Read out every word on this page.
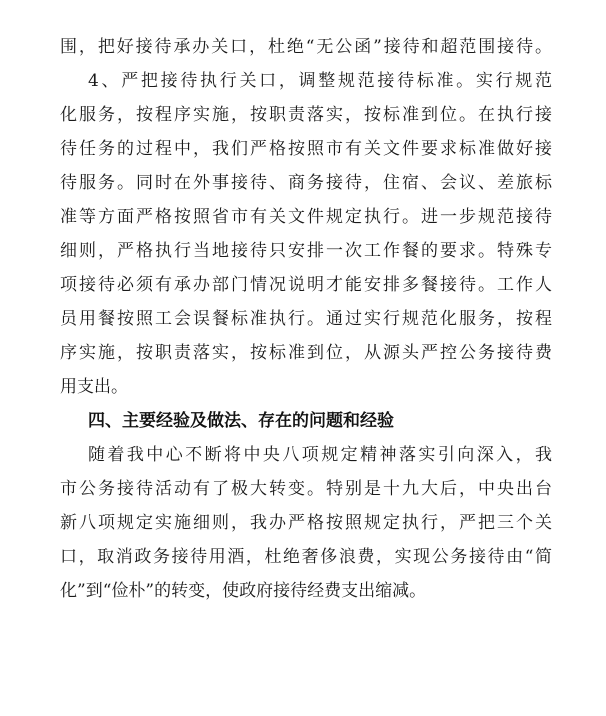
围，把好接待承办关口，杜绝“无公函”接待和超范围接待。
4、严把接待执行关口，调整规范接待标准。实行规范
化服务，按程序实施，按职责落实，按标准到位。在执行接
待任务的过程中，我们严格按照市有关文件要求标准做好接
待服务。同时在外事接待、商务接待，住宿、会议、差旅标
准等方面严格按照省市有关文件规定执行。进一步规范接待
细则，严格执行当地接待只安排一次工作餐的要求。特殊专
项接待必须有承办部门情况说明才能安排多餐接待。工作人
员用餐按照工会误餐标准执行。通过实行规范化服务，按程
序实施，按职责落实，按标准到位，从源头严控公务接待费
用支出。
四、主要经验及做法、存在的问题和经验
随着我中心不断将中央八项规定精神落实引向深入，我
市公务接待活动有了极大转变。特别是十九大后，中央出台
新八项规定实施细则，我办严格按照规定执行，严把三个关
口，取消政务接待用酒，杜绝奢侈浪费，实现公务接待由“简
化”到“俭朴”的转变，使政府接待经费支出缩减。
